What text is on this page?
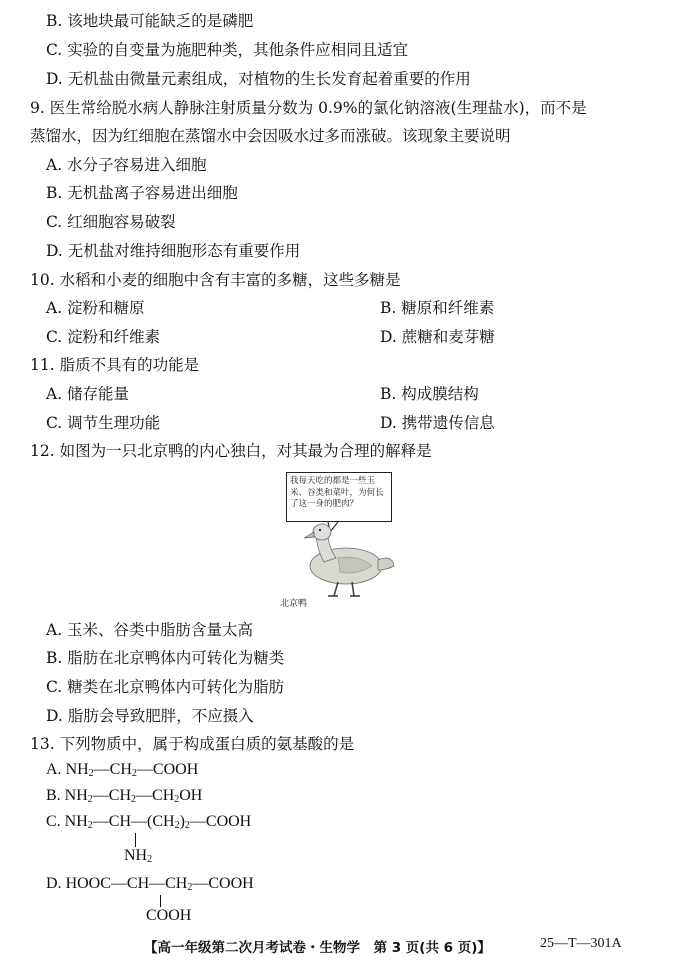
B. 该地块最可能缺乏的是磷肥
C. 实验的自变量为施肥种类，其他条件应相同且适宜
D. 无机盐由微量元素组成，对植物的生长发育起着重要的作用
9. 医生常给脱水病人静脉注射质量分数为 0.9%的氯化钠溶液(生理盐水)，而不是
蒸馏水，因为红细胞在蒸馏水中会因吸水过多而涨破。该现象主要说明
A. 水分子容易进入细胞
B. 无机盐离子容易进出细胞
C. 红细胞容易破裂
D. 无机盐对维持细胞形态有重要作用
10. 水稻和小麦的细胞中含有丰富的多糖，这些多糖是
A. 淀粉和糖原	B. 糖原和纤维素
C. 淀粉和纤维素	D. 蔗糖和麦芽糖
11. 脂质不具有的功能是
A. 储存能量	B. 构成膜结构
C. 调节生理功能	D. 携带遗传信息
12. 如图为一只北京鸭的内心独白，对其最为合理的解释是
我每天吃的都是一些玉米、谷类和菜叶，为何长了这一身的肥肉？
北京鸭
A. 玉米、谷类中脂肪含量太高
B. 脂肪在北京鸭体内可转化为糖类
C. 糖类在北京鸭体内可转化为脂肪
D. 脂肪会导致肥胖，不应摄入
13. 下列物质中，属于构成蛋白质的氨基酸的是
A. $NH_2—CH_2—COOH$
B. $NH_2—CH_2—CH_2OH$
C. $NH_2—CH—(CH_2)_2—COOH$
$NH_2$
D. $HOOC—CH—CH_2—COOH$
COOH
【高一年级第二次月考试卷・生物学　第 3 页(共 6 页)】	25—T—301A
